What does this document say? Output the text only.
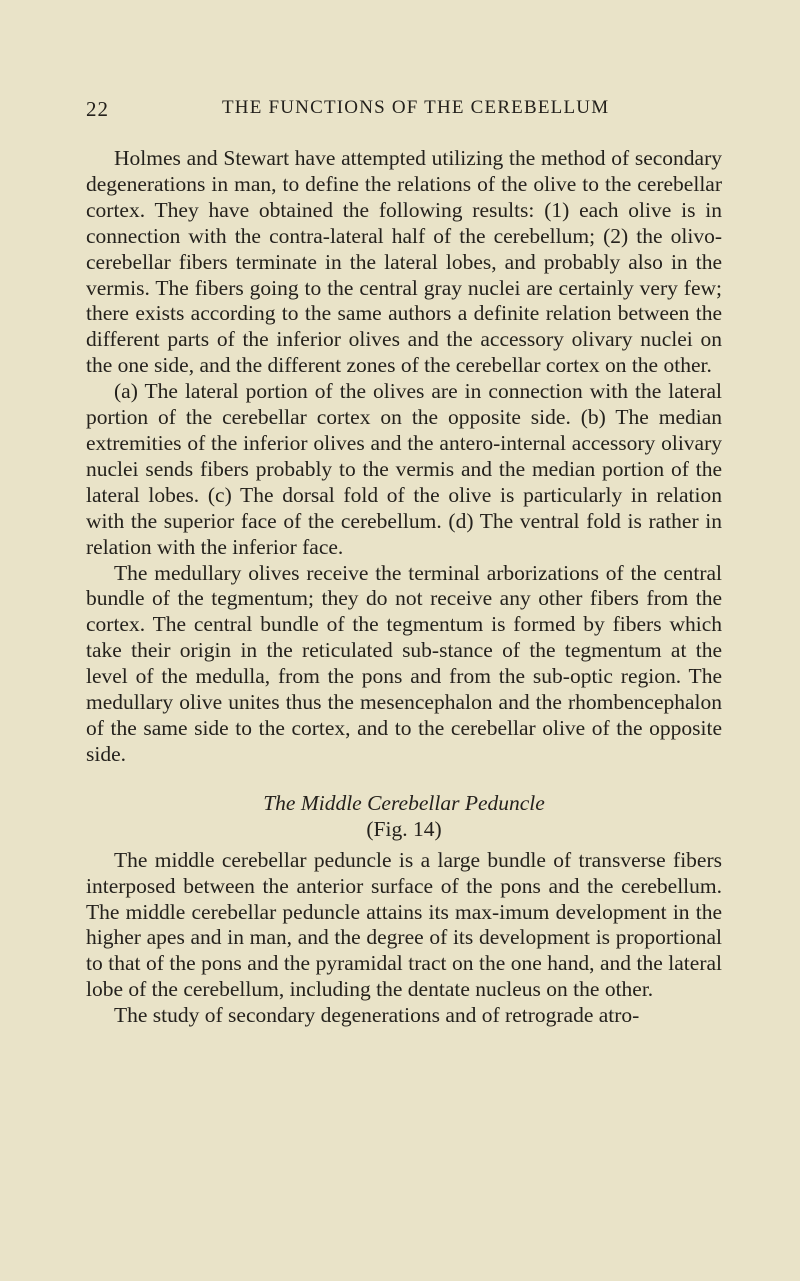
22	THE FUNCTIONS OF THE CEREBELLUM

Holmes and Stewart have attempted utilizing the method of secondary degenerations in man, to define the relations of the olive to the cerebellar cortex. They have obtained the following results: (1) each olive is in connection with the contra-lateral half of the cerebellum; (2) the olivo-cerebellar fibers terminate in the lateral lobes, and probably also in the vermis. The fibers going to the central gray nuclei are certainly very few; there exists according to the same authors a definite relation between the different parts of the inferior olives and the accessory olivary nuclei on the one side, and the different zones of the cerebellar cortex on the other.

(a) The lateral portion of the olives are in connection with the lateral portion of the cerebellar cortex on the opposite side. (b) The median extremities of the inferior olives and the antero-internal accessory olivary nuclei sends fibers probably to the vermis and the median portion of the lateral lobes. (c) The dorsal fold of the olive is particularly in relation with the superior face of the cerebellum. (d) The ventral fold is rather in relation with the inferior face.

The medullary olives receive the terminal arborizations of the central bundle of the tegmentum; they do not receive any other fibers from the cortex. The central bundle of the tegmentum is formed by fibers which take their origin in the reticulated sub-stance of the tegmentum at the level of the medulla, from the pons and from the sub-optic region. The medullary olive unites thus the mesencephalon and the rhombencephalon of the same side to the cortex, and to the cerebellar olive of the opposite side.

The Middle Cerebellar Peduncle

(Fig. 14)

The middle cerebellar peduncle is a large bundle of transverse fibers interposed between the anterior surface of the pons and the cerebellum. The middle cerebellar peduncle attains its max-imum development in the higher apes and in man, and the degree of its development is proportional to that of the pons and the pyramidal tract on the one hand, and the lateral lobe of the cerebellum, including the dentate nucleus on the other.

The study of secondary degenerations and of retrograde atro-
